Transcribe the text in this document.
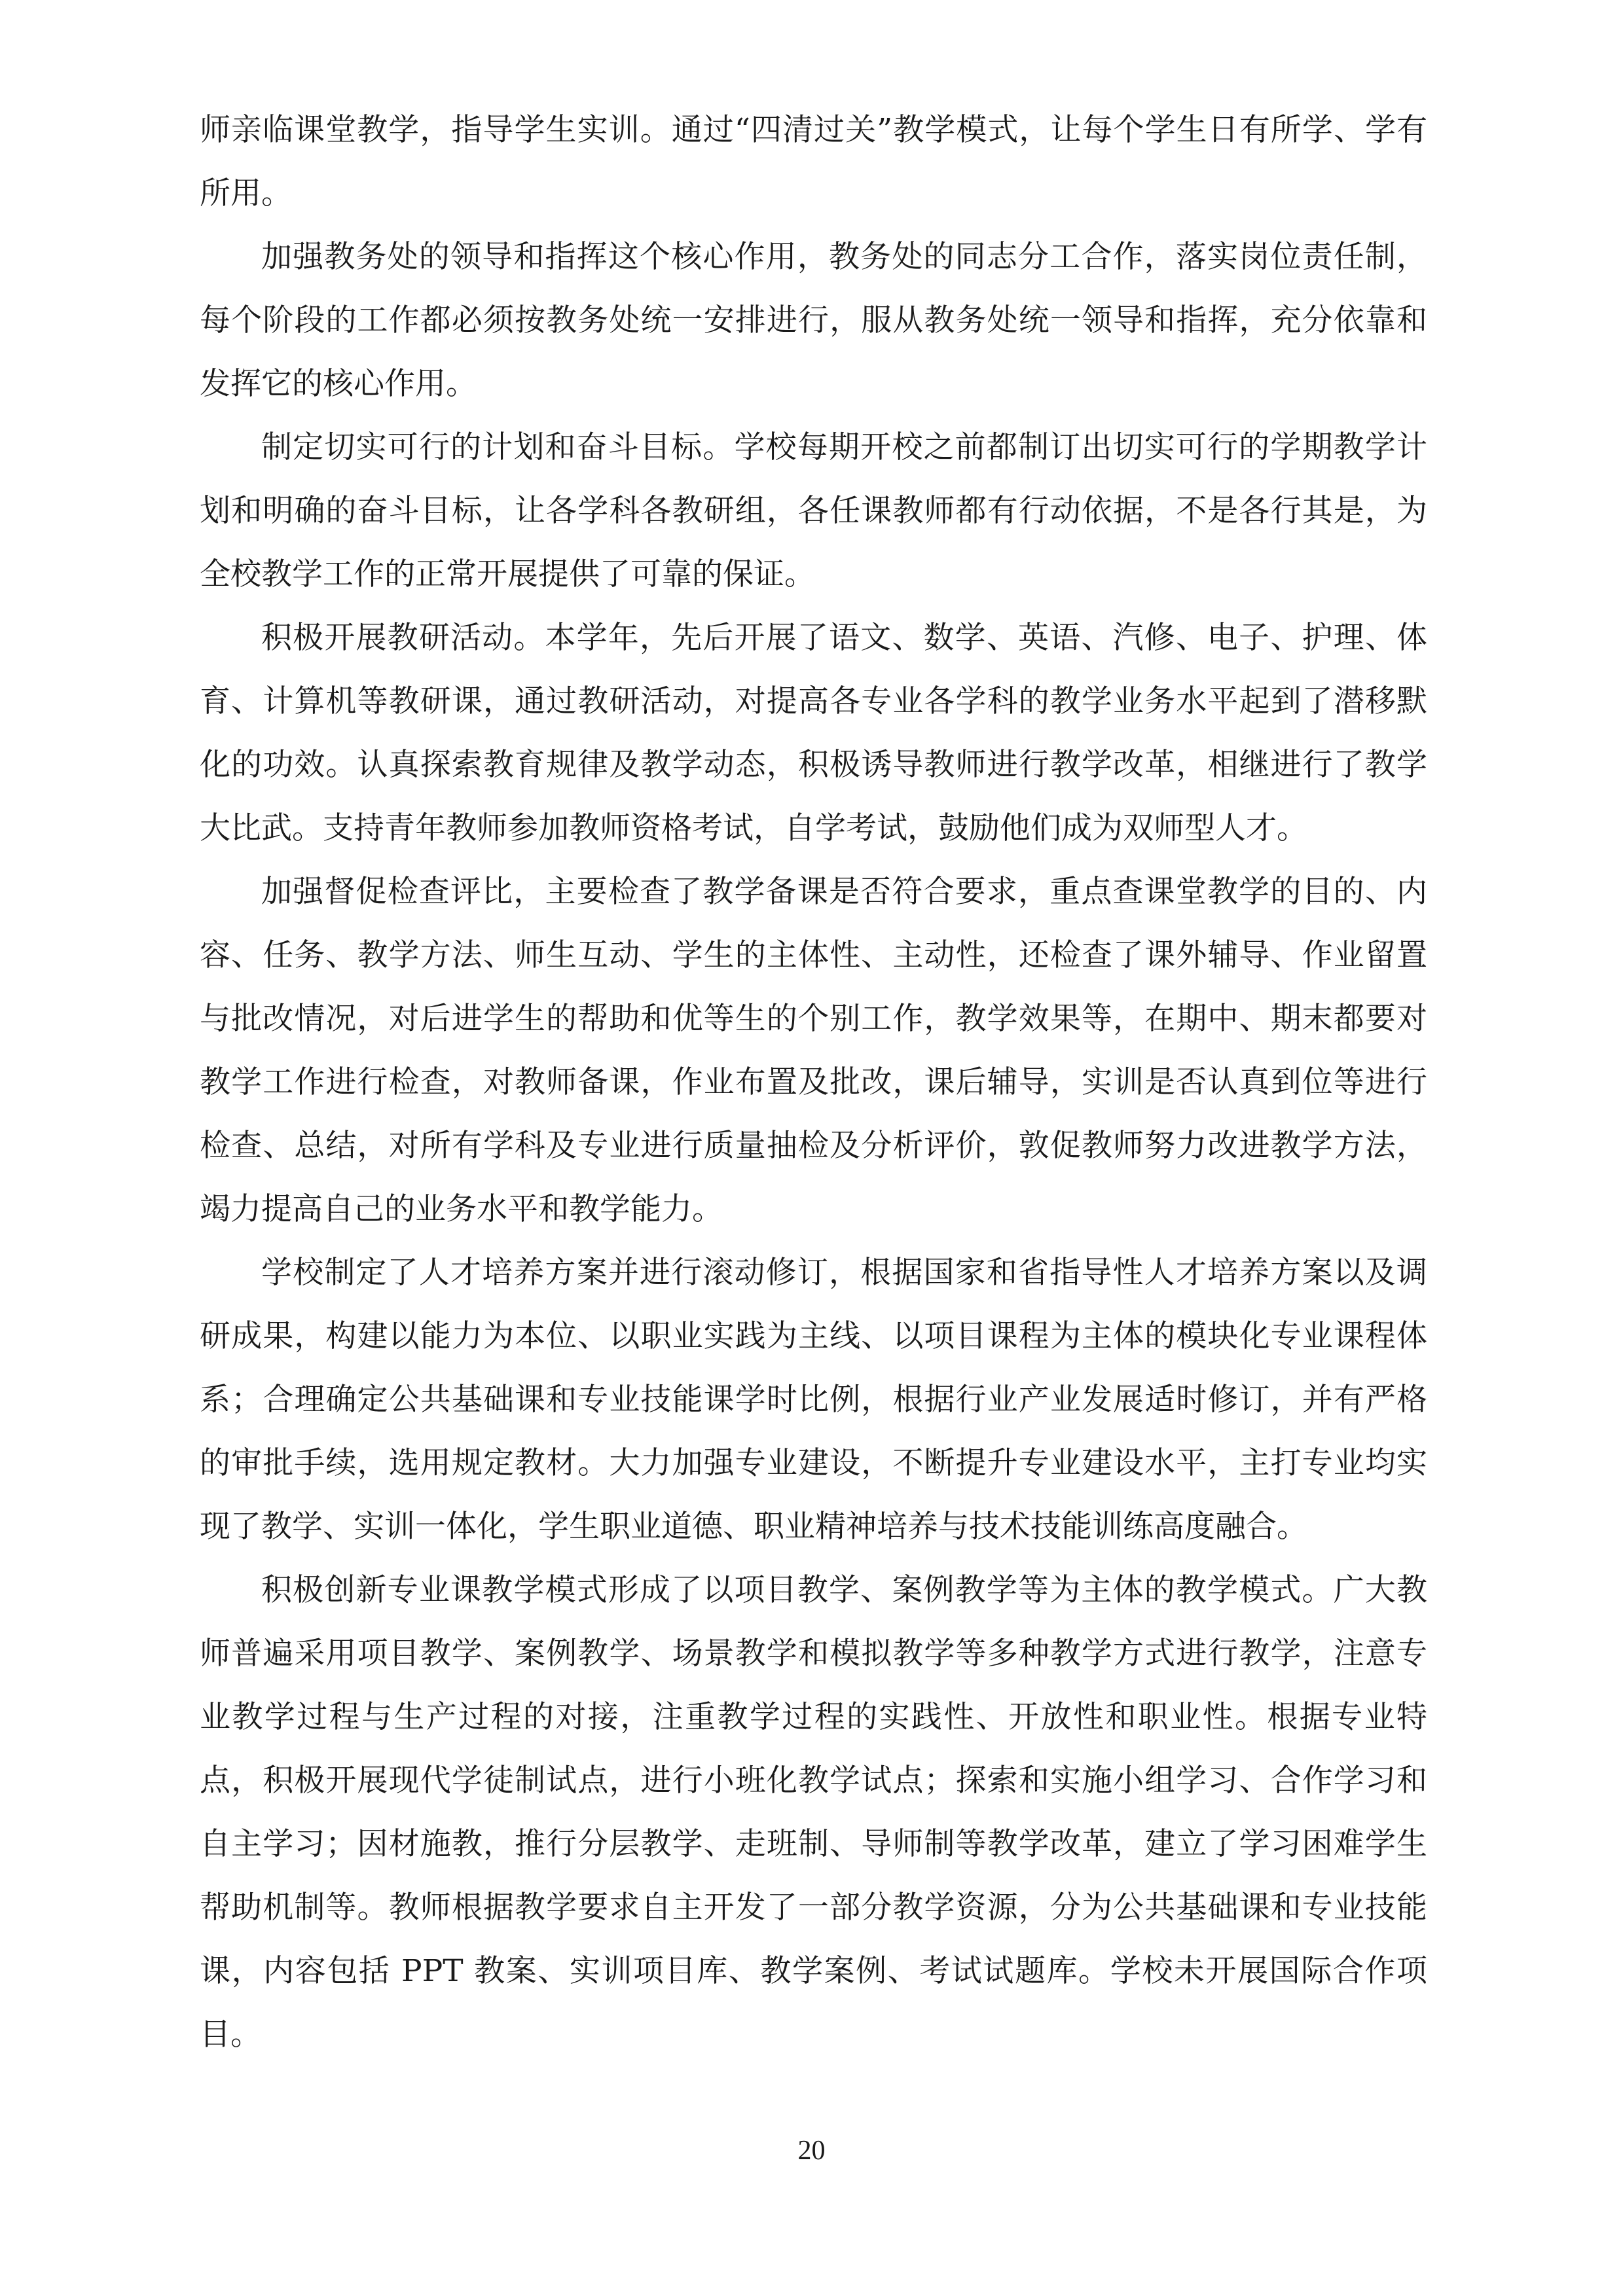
师亲临课堂教学，指导学生实训。通过“四清过关”教学模式，让每个学生日有所学、学有所用。

加强教务处的领导和指挥这个核心作用，教务处的同志分工合作，落实岗位责任制，每个阶段的工作都必须按教务处统一安排进行，服从教务处统一领导和指挥，充分依靠和发挥它的核心作用。

制定切实可行的计划和奋斗目标。学校每期开校之前都制订出切实可行的学期教学计划和明确的奋斗目标，让各学科各教研组，各任课教师都有行动依据，不是各行其是，为全校教学工作的正常开展提供了可靠的保证。

积极开展教研活动。本学年，先后开展了语文、数学、英语、汽修、电子、护理、体育、计算机等教研课，通过教研活动，对提高各专业各学科的教学业务水平起到了潜移默化的功效。认真探索教育规律及教学动态，积极诱导教师进行教学改革，相继进行了教学大比武。支持青年教师参加教师资格考试，自学考试，鼓励他们成为双师型人才。

加强督促检查评比，主要检查了教学备课是否符合要求，重点查课堂教学的目的、内容、任务、教学方法、师生互动、学生的主体性、主动性，还检查了课外辅导、作业留置与批改情况，对后进学生的帮助和优等生的个别工作，教学效果等，在期中、期末都要对教学工作进行检查，对教师备课，作业布置及批改，课后辅导，实训是否认真到位等进行检查、总结，对所有学科及专业进行质量抽检及分析评价，敦促教师努力改进教学方法，竭力提高自己的业务水平和教学能力。

学校制定了人才培养方案并进行滚动修订，根据国家和省指导性人才培养方案以及调研成果，构建以能力为本位、以职业实践为主线、以项目课程为主体的模块化专业课程体系；合理确定公共基础课和专业技能课学时比例，根据行业产业发展适时修订，并有严格的审批手续，选用规定教材。大力加强专业建设，不断提升专业建设水平，主打专业均实现了教学、实训一体化，学生职业道德、职业精神培养与技术技能训练高度融合。

积极创新专业课教学模式形成了以项目教学、案例教学等为主体的教学模式。广大教师普遍采用项目教学、案例教学、场景教学和模拟教学等多种教学方式进行教学，注意专业教学过程与生产过程的对接，注重教学过程的实践性、开放性和职业性。根据专业特点，积极开展现代学徒制试点，进行小班化教学试点；探索和实施小组学习、合作学习和自主学习；因材施教，推行分层教学、走班制、导师制等教学改革，建立了学习困难学生帮助机制等。教师根据教学要求自主开发了一部分教学资源，分为公共基础课和专业技能课，内容包括 PPT 教案、实训项目库、教学案例、考试试题库。学校未开展国际合作项目。

20
